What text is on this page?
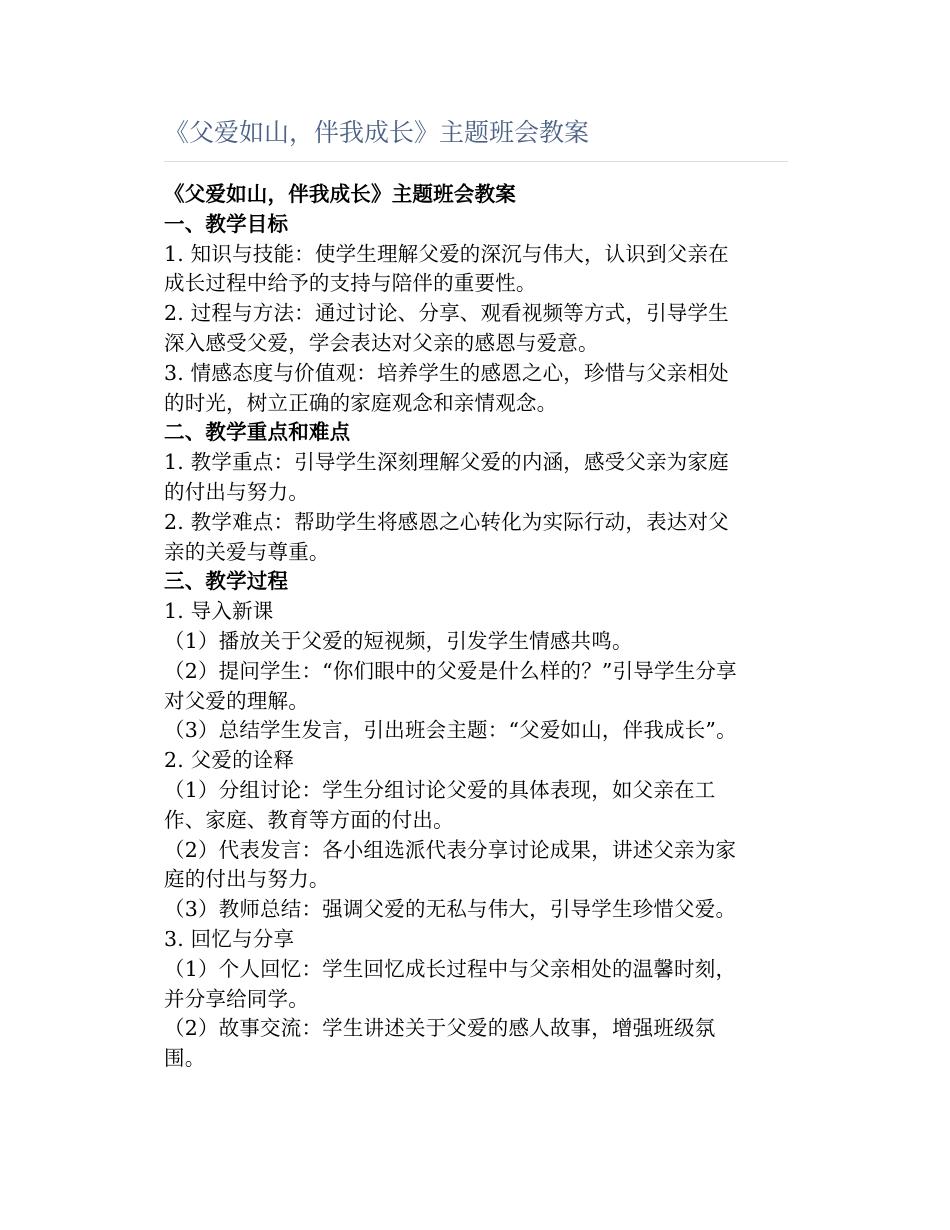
《父爱如山，伴我成长》主题班会教案
《父爱如山，伴我成长》主题班会教案
一、教学目标
1. 知识与技能：使学生理解父爱的深沉与伟大，认识到父亲在
成长过程中给予的支持与陪伴的重要性。
2. 过程与方法：通过讨论、分享、观看视频等方式，引导学生
深入感受父爱，学会表达对父亲的感恩与爱意。
3. 情感态度与价值观：培养学生的感恩之心，珍惜与父亲相处
的时光，树立正确的家庭观念和亲情观念。
二、教学重点和难点
1. 教学重点：引导学生深刻理解父爱的内涵，感受父亲为家庭
的付出与努力。
2. 教学难点：帮助学生将感恩之心转化为实际行动，表达对父
亲的关爱与尊重。
三、教学过程
1. 导入新课
（1）播放关于父爱的短视频，引发学生情感共鸣。
（2）提问学生：“你们眼中的父爱是什么样的？”引导学生分享
对父爱的理解。
（3）总结学生发言，引出班会主题：“父爱如山，伴我成长”。
2. 父爱的诠释
（1）分组讨论：学生分组讨论父爱的具体表现，如父亲在工
作、家庭、教育等方面的付出。
（2）代表发言：各小组选派代表分享讨论成果，讲述父亲为家
庭的付出与努力。
（3）教师总结：强调父爱的无私与伟大，引导学生珍惜父爱。
3. 回忆与分享
（1）个人回忆：学生回忆成长过程中与父亲相处的温馨时刻，
并分享给同学。
（2）故事交流：学生讲述关于父爱的感人故事，增强班级氛
围。
